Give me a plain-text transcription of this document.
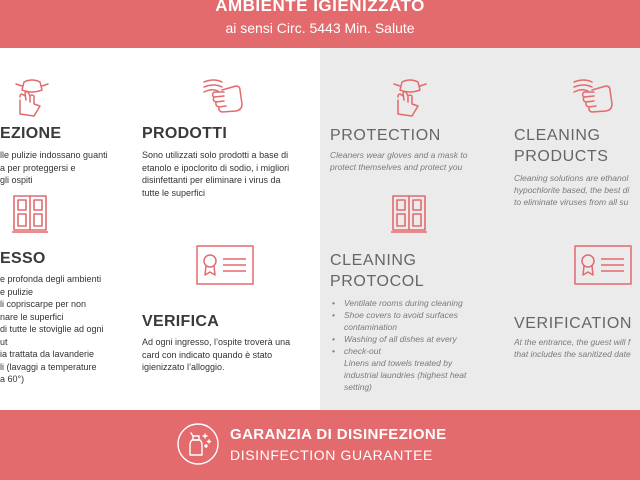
AMBIENTE IGIENIZZATO
ai sensi Circ. 5443 Min. Salute
EZIONE
lle pulizie indossano guanti
a per proteggersi e
gli ospiti
PRODOTTI
Sono utilizzati solo prodotti a base di
etanolo e ipoclorito di sodio, i migliori
disinfettanti per eliminare i virus da
tutte le superfici
ESSO
• e profonda degli ambienti
• e pulizie
• li copriscarpe per non
nare le superfici
• di tutte le stoviglie ad ogni
ut
• ia trattata da lavanderie
li (lavaggi a temperature
a 60°)
VERIFICA
Ad ogni ingresso, l’ospite troverà una
card con indicato quando è stato
igienizzato l’alloggio.
PROTECTION
Cleaners wear gloves and a mask to
protect themselves and protect you
CLEANING
PRODUCTS
Cleaning solutions are ethanol
hypochlorite based, the best di
to eliminate viruses from all su
CLEANING
PROTOCOL
• Ventilate rooms during cleaning
• Shoe covers to avoid surfaces
contamination
• Washing of all dishes at every
• check-out
Linens and towels treated by
industrial laundries (highest heat
setting)
VERIFICATION
At the entrance, the guest will f
that includes the sanitized date
GARANZIA DI DISINFEZIONE
DISINFECTION GUARANTEE
